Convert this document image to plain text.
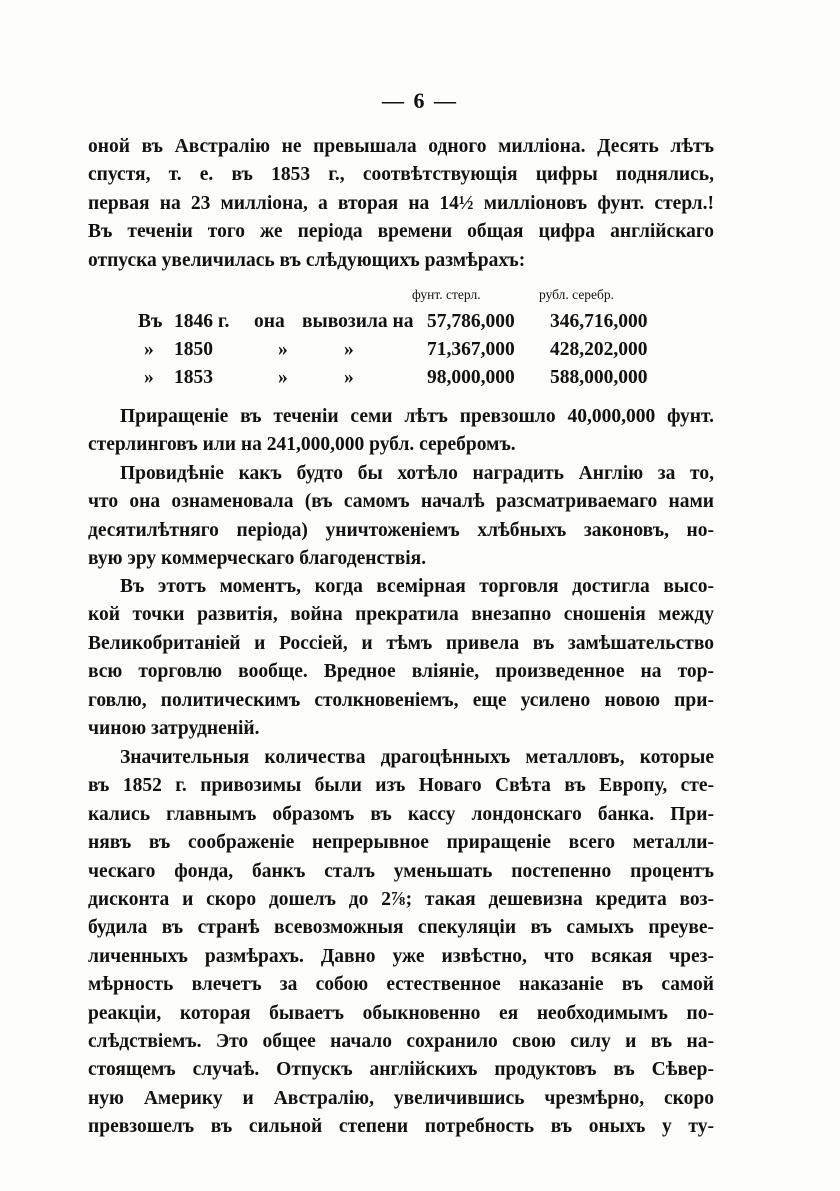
— 6 —
оной въ Австралію не превышала одного милліона. Десять лѣтъ
спустя, т. е. въ 1853 г., соотвѣтствующія цифры поднялись,
первая на 23 милліона, а вторая на 14½ милліоновъ фунт. стерл.!
Въ теченіи того же періода времени общая цифра англійскаго
отпуска увеличилась въ слѣдующихъ размѣрахъ:
Приращеніе въ теченіи семи лѣтъ превзошло 40,000,000 фунт.
стерлинговъ или на 241,000,000 рубл. серебромъ.
Провидѣніе какъ будто бы хотѣло наградить Англію за то,
что она ознаменовала (въ самомъ началѣ разсматриваемаго нами
десятилѣтняго періода) уничтоженіемъ хлѣбныхъ законовъ, но-
вую эру коммерческаго благоденствія.
Въ этотъ моментъ, когда всемірная торговля достигла высо-
кой точки развитія, война прекратила внезапно сношенія между
Великобританіей и Россіей, и тѣмъ привела въ замѣшательство
всю торговлю вообще. Вредное вліяніе, произведенное на тор-
говлю, политическимъ столкновеніемъ, еще усилено новою при-
чиною затрудненій.
Значительныя количества драгоцѣнныхъ металловъ, которые
въ 1852 г. привозимы были изъ Новаго Свѣта въ Европу, сте-
кались главнымъ образомъ въ кассу лондонскаго банка. При-
нявъ въ соображеніе непрерывное приращеніе всего металли-
ческаго фонда, банкъ сталъ уменьшать постепенно процентъ
дисконта и скоро дошелъ до 2⅞; такая дешевизна кредита воз-
будила въ странѣ всевозможныя спекуляціи въ самыхъ преуве-
личенныхъ размѣрахъ. Давно уже извѣстно, что всякая чрез-
мѣрность влечетъ за собою естественное наказаніе въ самой
реакціи, которая бываетъ обыкновенно ея необходимымъ по-
слѣдствіемъ. Это общее начало сохранило свою силу и въ на-
стоящемъ случаѣ. Отпускъ англійскихъ продуктовъ въ Сѣвер-
ную Америку и Австралію, увеличившись чрезмѣрно, скоро
превзошелъ въ сильной степени потребность въ оныхъ у ту-
фунт. стерл.	рубл. серебр.
Въ 1846 г. она вывозила на 57,786,000 346,716,000
» 1850	»	»	71,367,000 428,202,000
» 1853	»	»	98,000,000 588,000,000
